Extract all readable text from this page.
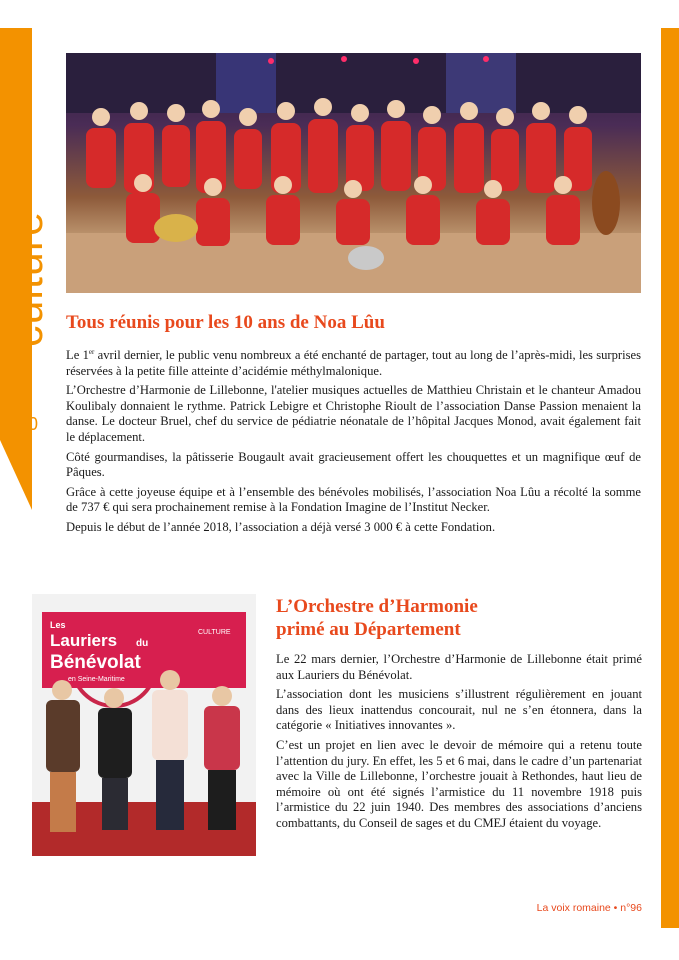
culture
20
Tous réunis pour les 10 ans de Noa Lûu

Le 1er avril dernier, le public venu nombreux a été enchanté de partager, tout au long de l’après-midi, les surprises réservées à la petite fille atteinte d’acidémie méthylmalonique.

L’Orchestre d’Harmonie de Lillebonne, l'atelier musiques actuelles de Matthieu Christain et le chanteur Amadou Koulibaly donnaient le rythme. Patrick Lebigre et Christophe Rioult de l’association Danse Passion menaient la danse. Le docteur Bruel, chef du service de pédiatrie néonatale de l’hôpital Jacques Monod, avait également fait le déplacement.

Côté gourmandises, la pâtisserie Bougault avait gracieusement offert les chouquettes et un magnifique œuf de Pâques.

Grâce à cette joyeuse équipe et à l’ensemble des bénévoles mobilisés, l’association Noa Lûu a récolté la somme de 737 € qui sera prochainement remise à la Fondation Imagine de l’Institut Necker.

Depuis le début de l’année 2018, l’association a déjà versé 3 000 € à cette Fondation.

Les
Lauriers du
Bénévolat
en Seine-Maritime
CULTURE
L’Orchestre d’Harmonie
primé au Département

Le 22 mars dernier, l’Orchestre d’Harmonie de Lillebonne était primé aux Lauriers du Bénévolat.

L’association dont les musiciens s’illustrent régulièrement en jouant dans des lieux inattendus concourait, nul ne s’en étonnera, dans la catégorie « Initiatives innovantes ».

C’est un projet en lien avec le devoir de mémoire qui a retenu toute l’attention du jury. En effet, les 5 et 6 mai, dans le cadre d’un partenariat avec la Ville de Lillebonne, l’orchestre jouait à Rethondes, haut lieu de mémoire où ont été signés l’armistice du 11 novembre 1918 puis l’armistice du 22 juin 1940. Des membres des associations d’anciens combattants, du Conseil de sages et du CMEJ étaient du voyage.

La voix romaine • n°96
